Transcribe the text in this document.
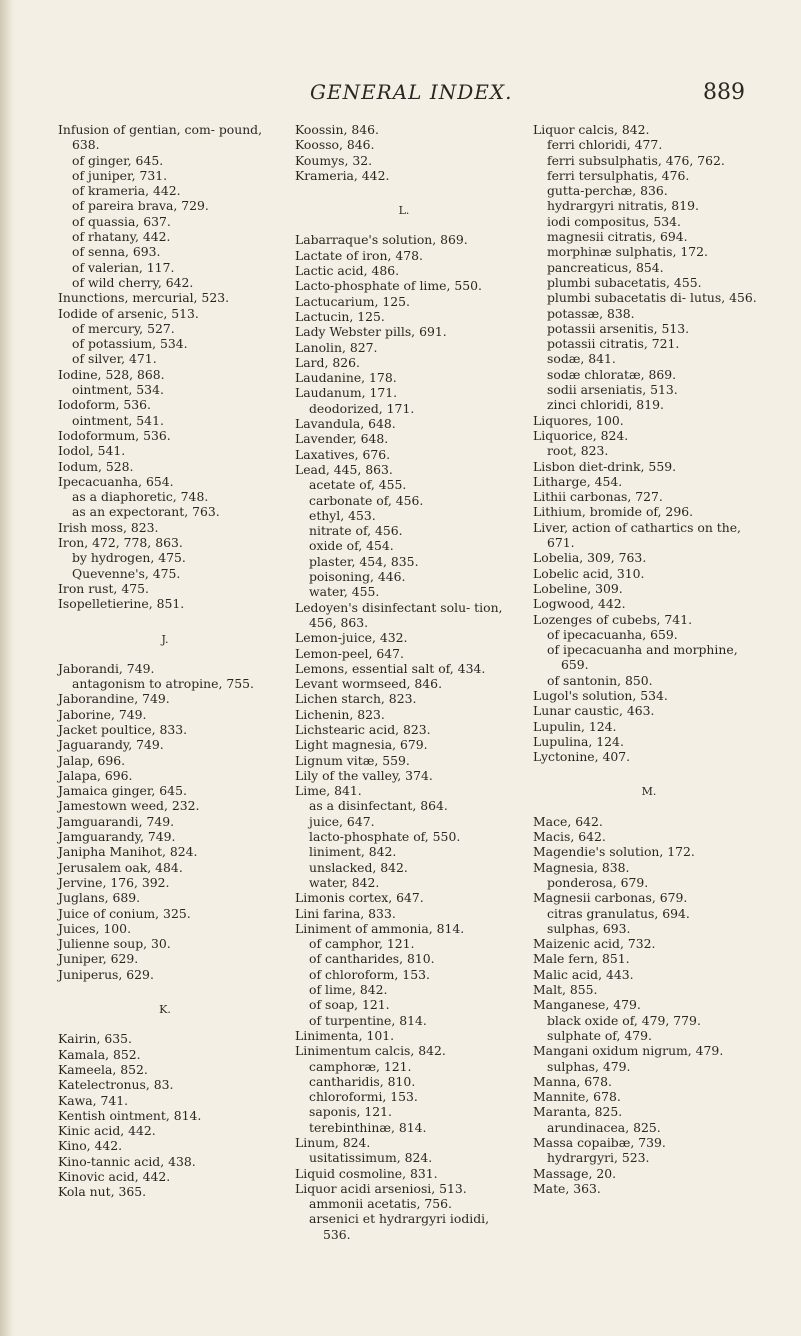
GENERAL INDEX.	889
Infusion of gentian, com- pound, 638.
of ginger, 645.
of juniper, 731.
of krameria, 442.
of pareira brava, 729.
of quassia, 637.
of rhatany, 442.
of senna, 693.
of valerian, 117.
of wild cherry, 642.
Inunctions, mercurial, 523.
Iodide of arsenic, 513.
of mercury, 527.
of potassium, 534.
of silver, 471.
Iodine, 528, 868.
ointment, 534.
Iodoform, 536.
ointment, 541.
Iodoformum, 536.
Iodol, 541.
Iodum, 528.
Ipecacuanha, 654.
as a diaphoretic, 748.
as an expectorant, 763.
Irish moss, 823.
Iron, 472, 778, 863.
by hydrogen, 475.
Quevenne's, 475.
Iron rust, 475.
Isopelletierine, 851.
J.
Jaborandi, 749.
antagonism to atropine, 755.
Jaborandine, 749.
Jaborine, 749.
Jacket poultice, 833.
Jaguarandy, 749.
Jalap, 696.
Jalapa, 696.
Jamaica ginger, 645.
Jamestown weed, 232.
Jamguarandi, 749.
Jamguarandy, 749.
Janipha Manihot, 824.
Jerusalem oak, 484.
Jervine, 176, 392.
Juglans, 689.
Juice of conium, 325.
Juices, 100.
Julienne soup, 30.
Juniper, 629.
Juniperus, 629.
K.
Kairin, 635.
Kamala, 852.
Kameela, 852.
Katelectronus, 83.
Kawa, 741.
Kentish ointment, 814.
Kinic acid, 442.
Kino, 442.
Kino-tannic acid, 438.
Kinovic acid, 442.
Kola nut, 365.
Koossin, 846.
Koosso, 846.
Koumys, 32.
Krameria, 442.
L.
Labarraque's solution, 869.
Lactate of iron, 478.
Lactic acid, 486.
Lacto-phosphate of lime, 550.
Lactucarium, 125.
Lactucin, 125.
Lady Webster pills, 691.
Lanolin, 827.
Lard, 826.
Laudanine, 178.
Laudanum, 171.
deodorized, 171.
Lavandula, 648.
Lavender, 648.
Laxatives, 676.
Lead, 445, 863.
acetate of, 455.
carbonate of, 456.
ethyl, 453.
nitrate of, 456.
oxide of, 454.
plaster, 454, 835.
poisoning, 446.
water, 455.
Ledoyen's disinfectant solu- tion, 456, 863.
Lemon-juice, 432.
Lemon-peel, 647.
Lemons, essential salt of, 434.
Levant wormseed, 846.
Lichen starch, 823.
Lichenin, 823.
Lichstearic acid, 823.
Light magnesia, 679.
Lignum vitæ, 559.
Lily of the valley, 374.
Lime, 841.
as a disinfectant, 864.
juice, 647.
lacto-phosphate of, 550.
liniment, 842.
unslacked, 842.
water, 842.
Limonis cortex, 647.
Lini farina, 833.
Liniment of ammonia, 814.
of camphor, 121.
of cantharides, 810.
of chloroform, 153.
of lime, 842.
of soap, 121.
of turpentine, 814.
Linimenta, 101.
Linimentum calcis, 842.
camphoræ, 121.
cantharidis, 810.
chloroformi, 153.
saponis, 121.
terebinthinæ, 814.
Linum, 824.
usitatissimum, 824.
Liquid cosmoline, 831.
Liquor acidi arseniosi, 513.
ammonii acetatis, 756.
arsenici et hydrargyri iodidi, 536.
Liquor calcis, 842.
ferri chloridi, 477.
ferri subsulphatis, 476, 762.
ferri tersulphatis, 476.
gutta-perchæ, 836.
hydrargyri nitratis, 819.
iodi compositus, 534.
magnesii citratis, 694.
morphinæ sulphatis, 172.
pancreaticus, 854.
plumbi subacetatis, 455.
plumbi subacetatis di- lutus, 456.
potassæ, 838.
potassii arsenitis, 513.
potassii citratis, 721.
sodæ, 841.
sodæ chloratæ, 869.
sodii arseniatis, 513.
zinci chloridi, 819.
Liquores, 100.
Liquorice, 824.
root, 823.
Lisbon diet-drink, 559.
Litharge, 454.
Lithii carbonas, 727.
Lithium, bromide of, 296.
Liver, action of cathartics on the, 671.
Lobelia, 309, 763.
Lobelic acid, 310.
Lobeline, 309.
Logwood, 442.
Lozenges of cubebs, 741.
of ipecacuanha, 659.
of ipecacuanha and morphine, 659.
of santonin, 850.
Lugol's solution, 534.
Lunar caustic, 463.
Lupulin, 124.
Lupulina, 124.
Lyctonine, 407.
M.
Mace, 642.
Macis, 642.
Magendie's solution, 172.
Magnesia, 838.
ponderosa, 679.
Magnesii carbonas, 679.
citras granulatus, 694.
sulphas, 693.
Maizenic acid, 732.
Male fern, 851.
Malic acid, 443.
Malt, 855.
Manganese, 479.
black oxide of, 479, 779.
sulphate of, 479.
Mangani oxidum nigrum, 479.
sulphas, 479.
Manna, 678.
Mannite, 678.
Maranta, 825.
arundinacea, 825.
Massa copaibæ, 739.
hydrargyri, 523.
Massage, 20.
Mate, 363.
